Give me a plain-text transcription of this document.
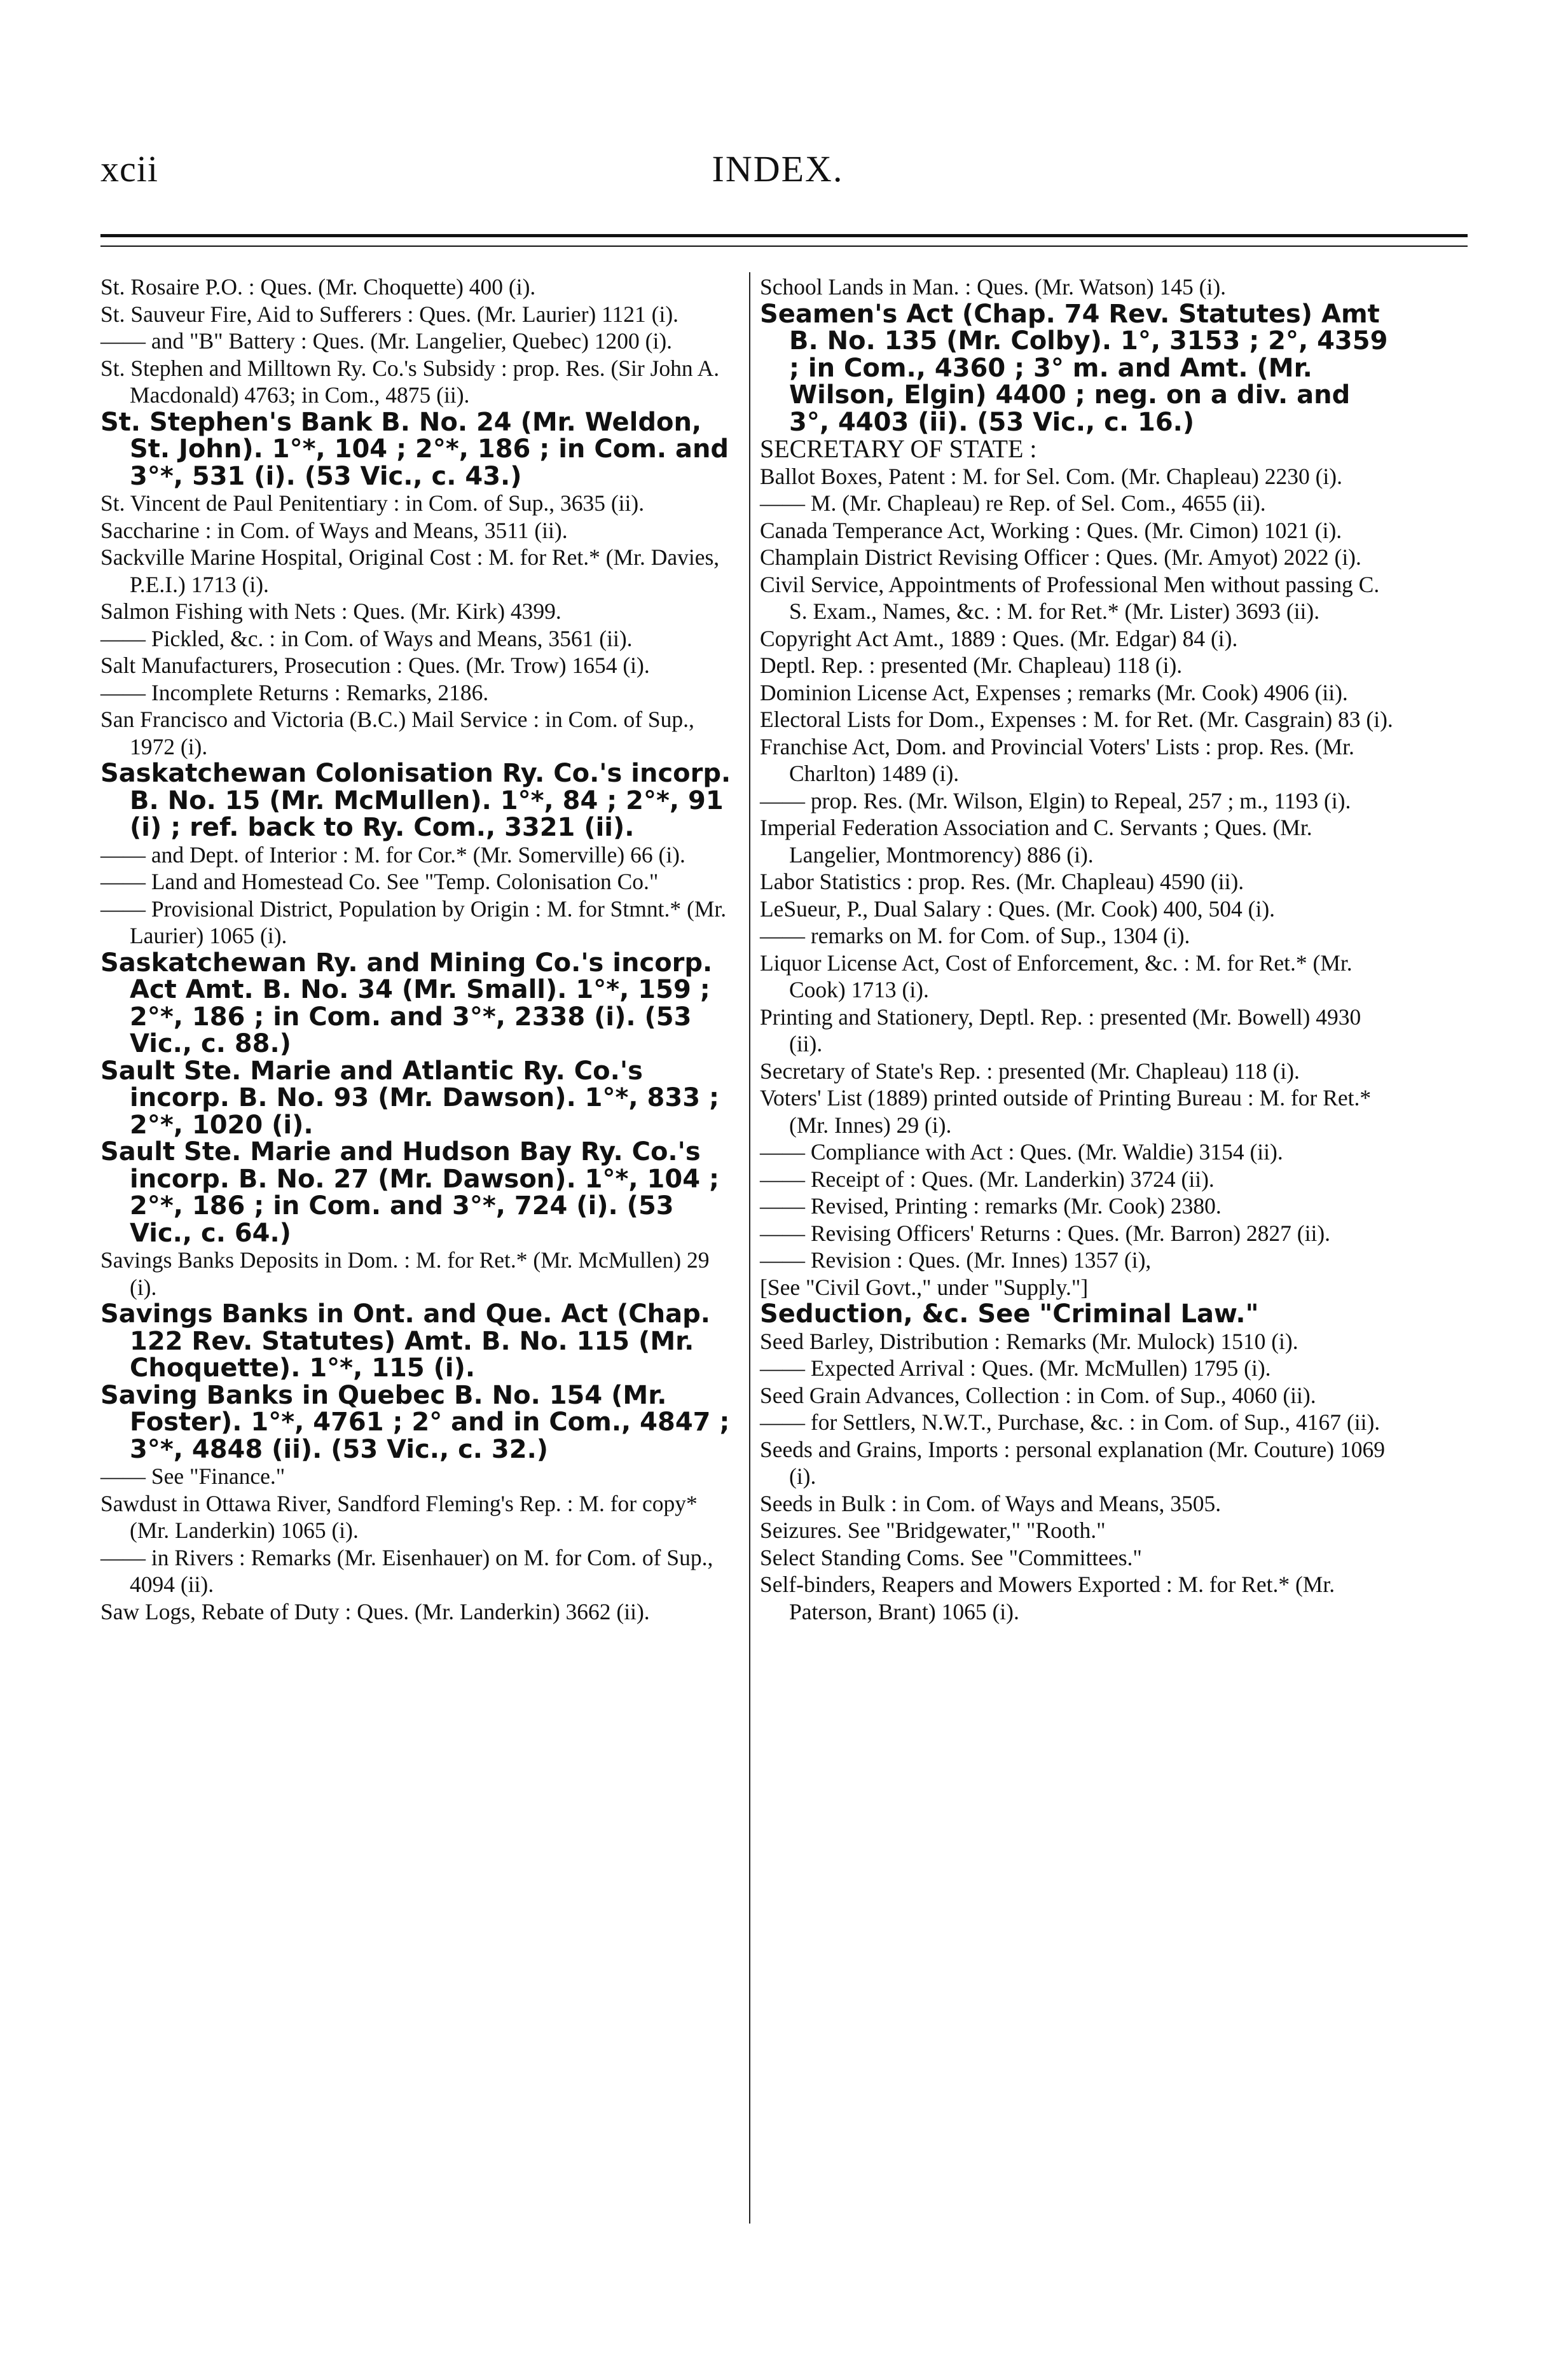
xcii	INDEX.

St. Rosaire P.O. : Ques. (Mr. Choquette) 400 (i).

St. Sauveur Fire, Aid to Sufferers : Ques. (Mr. Laurier) 1121 (i).

—— and "B" Battery : Ques. (Mr. Langelier, Quebec) 1200 (i).

St. Stephen and Milltown Ry. Co.'s Subsidy : prop. Res. (Sir John A. Macdonald) 4763; in Com., 4875 (ii).

St. Stephen's Bank B. No. 24 (Mr. Weldon, St. John). 1°*, 104 ; 2°*, 186 ; in Com. and 3°*, 531 (i). (53 Vic., c. 43.)

St. Vincent de Paul Penitentiary : in Com. of Sup., 3635 (ii).

Saccharine : in Com. of Ways and Means, 3511 (ii).

Sackville Marine Hospital, Original Cost : M. for Ret.* (Mr. Davies, P.E.I.) 1713 (i).

Salmon Fishing with Nets : Ques. (Mr. Kirk) 4399.

—— Pickled, &c. : in Com. of Ways and Means, 3561 (ii).

Salt Manufacturers, Prosecution : Ques. (Mr. Trow) 1654 (i).

—— Incomplete Returns : Remarks, 2186.

San Francisco and Victoria (B.C.) Mail Service : in Com. of Sup., 1972 (i).

Saskatchewan Colonisation Ry. Co.'s incorp. B. No. 15 (Mr. McMullen). 1°*, 84 ; 2°*, 91 (i) ; ref. back to Ry. Com., 3321 (ii).

—— and Dept. of Interior : M. for Cor.* (Mr. Somerville) 66 (i).

—— Land and Homestead Co. See "Temp. Colonisation Co."

—— Provisional District, Population by Origin : M. for Stmnt.* (Mr. Laurier) 1065 (i).

Saskatchewan Ry. and Mining Co.'s incorp. Act Amt. B. No. 34 (Mr. Small). 1°*, 159 ; 2°*, 186 ; in Com. and 3°*, 2338 (i). (53 Vic., c. 88.)

Sault Ste. Marie and Atlantic Ry. Co.'s incorp. B. No. 93 (Mr. Dawson). 1°*, 833 ; 2°*, 1020 (i).

Sault Ste. Marie and Hudson Bay Ry. Co.'s incorp. B. No. 27 (Mr. Dawson). 1°*, 104 ; 2°*, 186 ; in Com. and 3°*, 724 (i). (53 Vic., c. 64.)

Savings Banks Deposits in Dom. : M. for Ret.* (Mr. McMullen) 29 (i).

Savings Banks in Ont. and Que. Act (Chap. 122 Rev. Statutes) Amt. B. No. 115 (Mr. Choquette). 1°*, 115 (i).

Saving Banks in Quebec B. No. 154 (Mr. Foster). 1°*, 4761 ; 2° and in Com., 4847 ; 3°*, 4848 (ii). (53 Vic., c. 32.)

—— See "Finance."

Sawdust in Ottawa River, Sandford Fleming's Rep. : M. for copy* (Mr. Landerkin) 1065 (i).

—— in Rivers : Remarks (Mr. Eisenhauer) on M. for Com. of Sup., 4094 (ii).

Saw Logs, Rebate of Duty : Ques. (Mr. Landerkin) 3662 (ii).

School Lands in Man. : Ques. (Mr. Watson) 145 (i).

Seamen's Act (Chap. 74 Rev. Statutes) Amt B. No. 135 (Mr. Colby). 1°, 3153 ; 2°, 4359 ; in Com., 4360 ; 3° m. and Amt. (Mr. Wilson, Elgin) 4400 ; neg. on a div. and 3°, 4403 (ii). (53 Vic., c. 16.)

SECRETARY OF STATE :

Ballot Boxes, Patent : M. for Sel. Com. (Mr. Chapleau) 2230 (i).

—— M. (Mr. Chapleau) re Rep. of Sel. Com., 4655 (ii).

Canada Temperance Act, Working : Ques. (Mr. Cimon) 1021 (i).

Champlain District Revising Officer : Ques. (Mr. Amyot) 2022 (i).

Civil Service, Appointments of Professional Men without passing C. S. Exam., Names, &c. : M. for Ret.* (Mr. Lister) 3693 (ii).

Copyright Act Amt., 1889 : Ques. (Mr. Edgar) 84 (i).

Deptl. Rep. : presented (Mr. Chapleau) 118 (i).

Dominion License Act, Expenses ; remarks (Mr. Cook) 4906 (ii).

Electoral Lists for Dom., Expenses : M. for Ret. (Mr. Casgrain) 83 (i).

Franchise Act, Dom. and Provincial Voters' Lists : prop. Res. (Mr. Charlton) 1489 (i).

—— prop. Res. (Mr. Wilson, Elgin) to Repeal, 257 ; m., 1193 (i).

Imperial Federation Association and C. Servants ; Ques. (Mr. Langelier, Montmorency) 886 (i).

Labor Statistics : prop. Res. (Mr. Chapleau) 4590 (ii).

LeSueur, P., Dual Salary : Ques. (Mr. Cook) 400, 504 (i).

—— remarks on M. for Com. of Sup., 1304 (i).

Liquor License Act, Cost of Enforcement, &c. : M. for Ret.* (Mr. Cook) 1713 (i).

Printing and Stationery, Deptl. Rep. : presented (Mr. Bowell) 4930 (ii).

Secretary of State's Rep. : presented (Mr. Chapleau) 118 (i).

Voters' List (1889) printed outside of Printing Bureau : M. for Ret.* (Mr. Innes) 29 (i).

—— Compliance with Act : Ques. (Mr. Waldie) 3154 (ii).

—— Receipt of : Ques. (Mr. Landerkin) 3724 (ii).

—— Revised, Printing : remarks (Mr. Cook) 2380.

—— Revising Officers' Returns : Ques. (Mr. Barron) 2827 (ii).

—— Revision : Ques. (Mr. Innes) 1357 (i),

[See "Civil Govt.," under "Supply."]

Seduction, &c. See "Criminal Law."

Seed Barley, Distribution : Remarks (Mr. Mulock) 1510 (i).

—— Expected Arrival : Ques. (Mr. McMullen) 1795 (i).

Seed Grain Advances, Collection : in Com. of Sup., 4060 (ii).

—— for Settlers, N.W.T., Purchase, &c. : in Com. of Sup., 4167 (ii).

Seeds and Grains, Imports : personal explanation (Mr. Couture) 1069 (i).

Seeds in Bulk : in Com. of Ways and Means, 3505.

Seizures. See "Bridgewater," "Rooth."

Select Standing Coms. See "Committees."

Self-binders, Reapers and Mowers Exported : M. for Ret.* (Mr. Paterson, Brant) 1065 (i).
